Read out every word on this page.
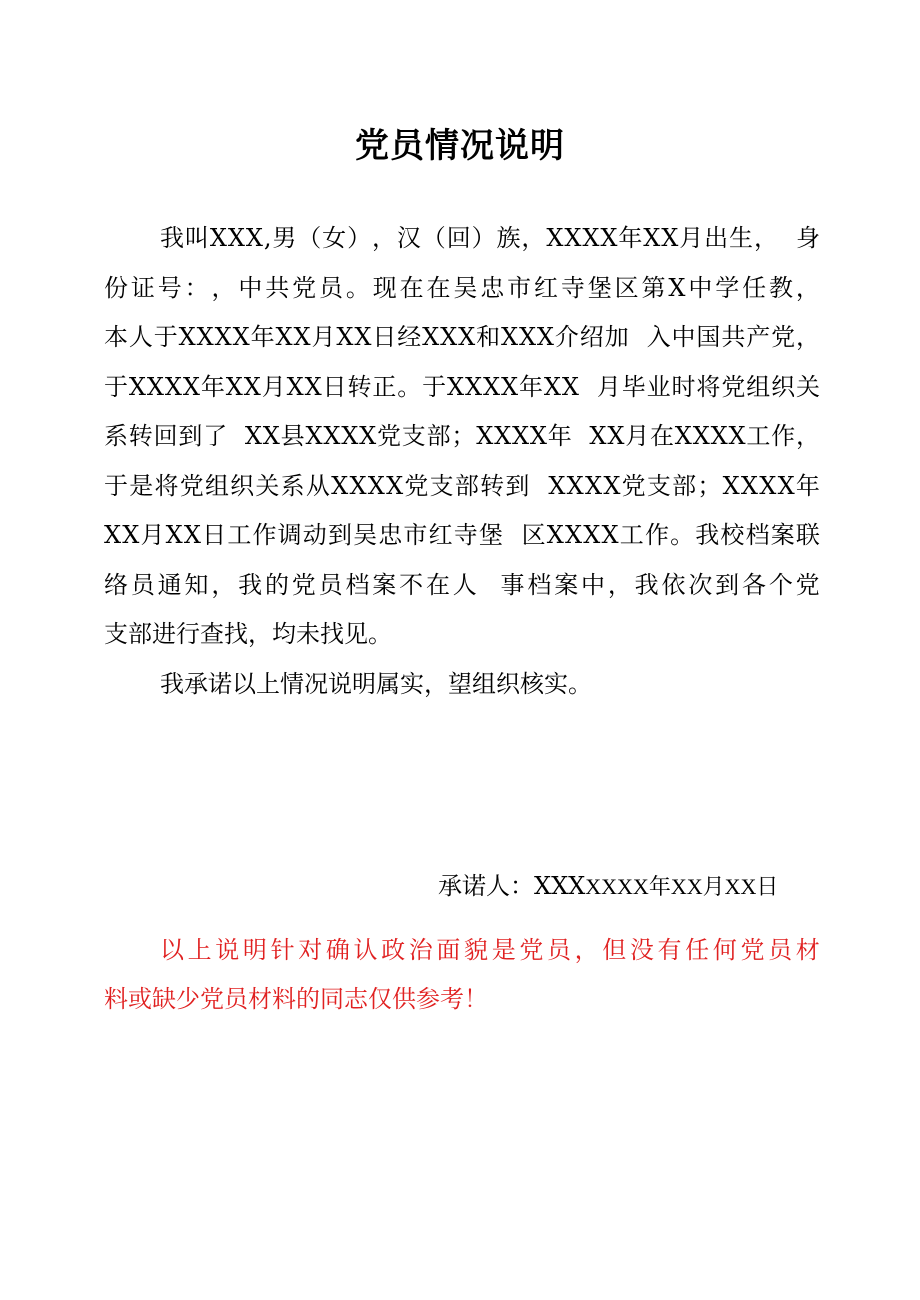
党员情况说明
我 叫 X X X , 男 （ 女 ） ， 汉 （ 回 ） 族 ， X X X X 年 X X 月 出 生 ，

身
份 证 号 ： ， 中 共 党 员 。 现 在 在 吴 忠 市 红 寺 堡 区 第 X 中 学 任 教 ，
本 人 于 X X X X 年 X X 月 X X 日 经 X X X 和 X X X 介 绍 加

入 中 国 共 产 党 ，
于 X X X X 年 X X 月 X X 日 转 正 。 于 X X X X 年 X X

月 毕 业 时 将 党 组 织 关
系 转 回 到 了

X X 县 X X X X 党 支 部 ； X X X X 年

X X 月 在 X X X X 工 作 ，
于 是 将 党 组 织 关 系 从 X X X X 党 支 部 转 到

X X X X 党 支 部 ； X X X X 年
X X 月 X X 日 工 作 调 动 到 吴 忠 市 红 寺 堡

区 X X X X 工 作 。 我 校 档 案 联
络 员 通 知 ， 我 的 党 员 档 案 不 在 人

事 档 案 中 ， 我 依 次 到 各 个 党
支部进行查找，均未找见。
我承诺以上情况说明属实，望组织核实。
承诺人：XXXXXXX年XX月XX日
以 上 说 明 针 对 确 认 政 治 面 貌 是 党 员 ， 但 没 有 任 何 党 员 材
料或缺少党员材料的同志仅供参考！
